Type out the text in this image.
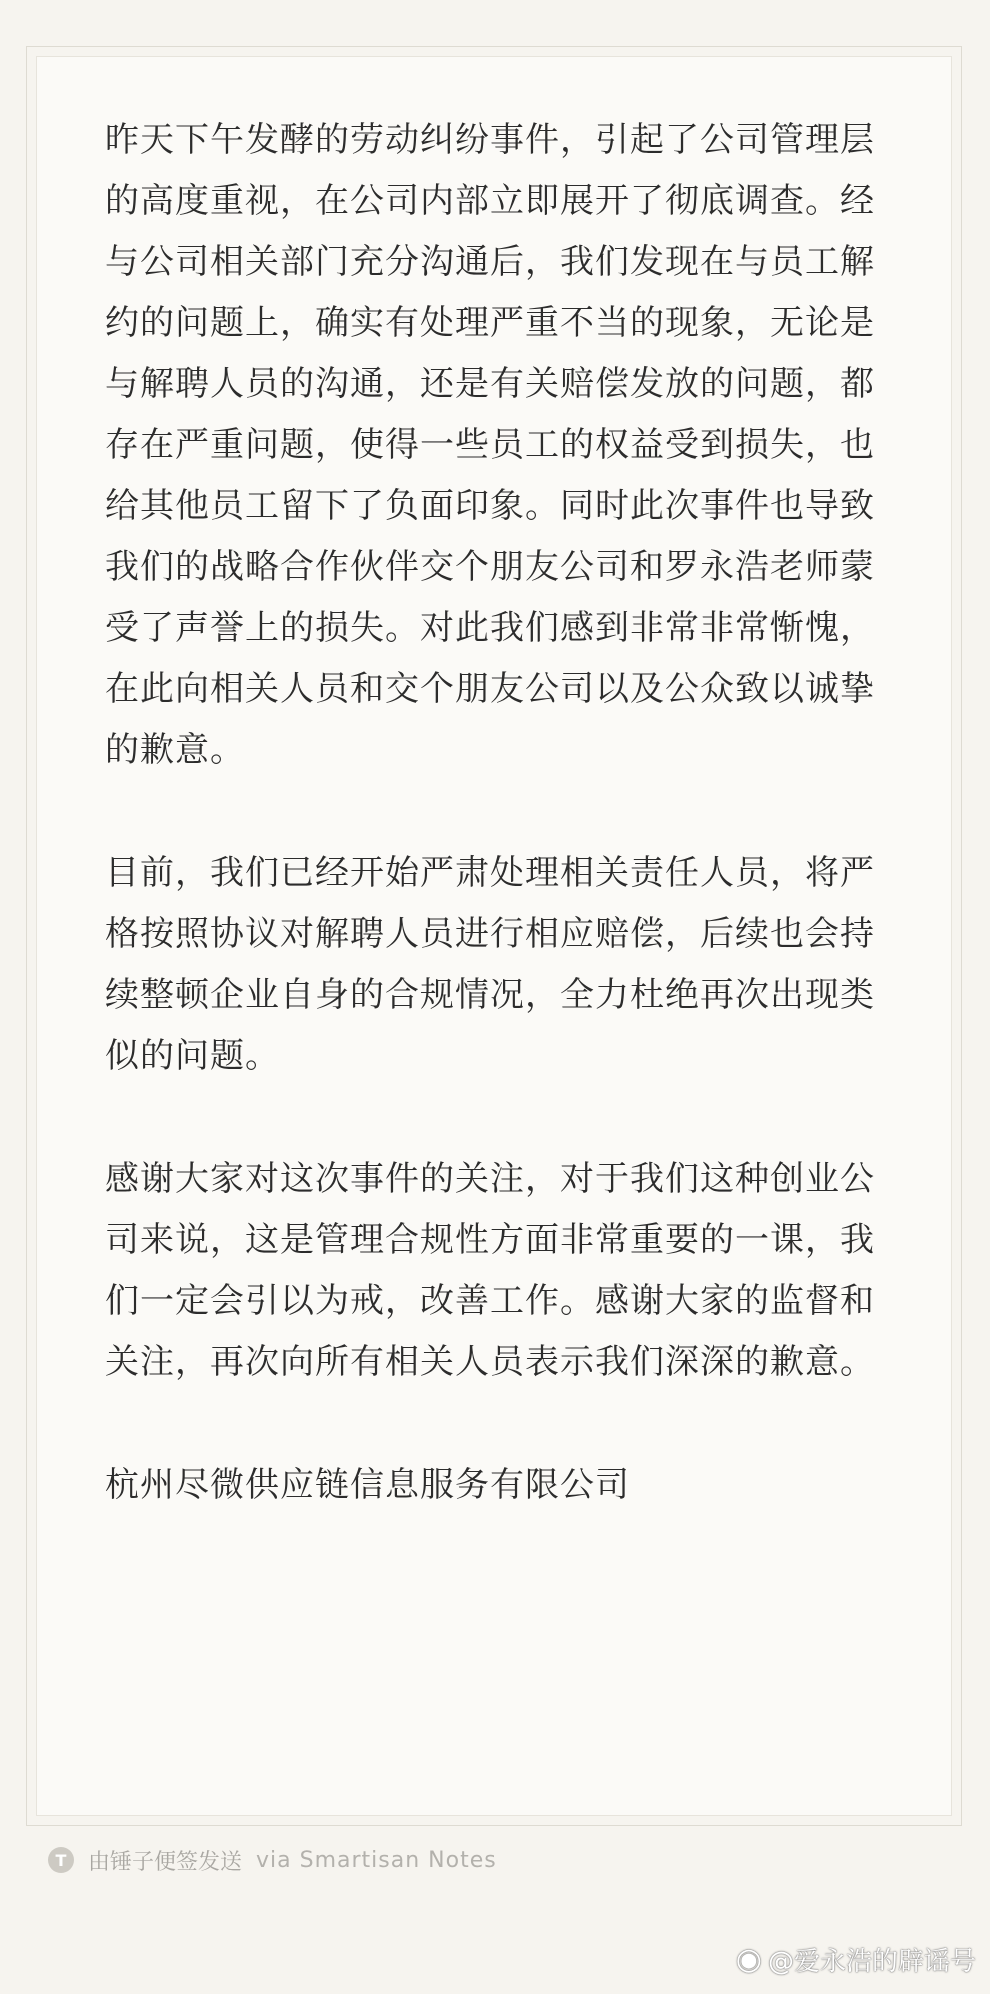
昨天下午发酵的劳动纠纷事件，引起了公司管理层的高度重视，在公司内部立即展开了彻底调查。经与公司相关部门充分沟通后，我们发现在与员工解约的问题上，确实有处理严重不当的现象，无论是与解聘人员的沟通，还是有关赔偿发放的问题，都存在严重问题，使得一些员工的权益受到损失，也给其他员工留下了负面印象。同时此次事件也导致我们的战略合作伙伴交个朋友公司和罗永浩老师蒙受了声誉上的损失。对此我们感到非常非常惭愧，在此向相关人员和交个朋友公司以及公众致以诚挚的歉意。

目前，我们已经开始严肃处理相关责任人员，将严格按照协议对解聘人员进行相应赔偿，后续也会持续整顿企业自身的合规情况，全力杜绝再次出现类似的问题。

感谢大家对这次事件的关注，对于我们这种创业公司来说，这是管理合规性方面非常重要的一课，我们一定会引以为戒，改善工作。感谢大家的监督和关注，再次向所有相关人员表示我们深深的歉意。

杭州尽微供应链信息服务有限公司

T 由锤子便签发送 via Smartisan Notes
◉ @爱永浩的辟谣号
